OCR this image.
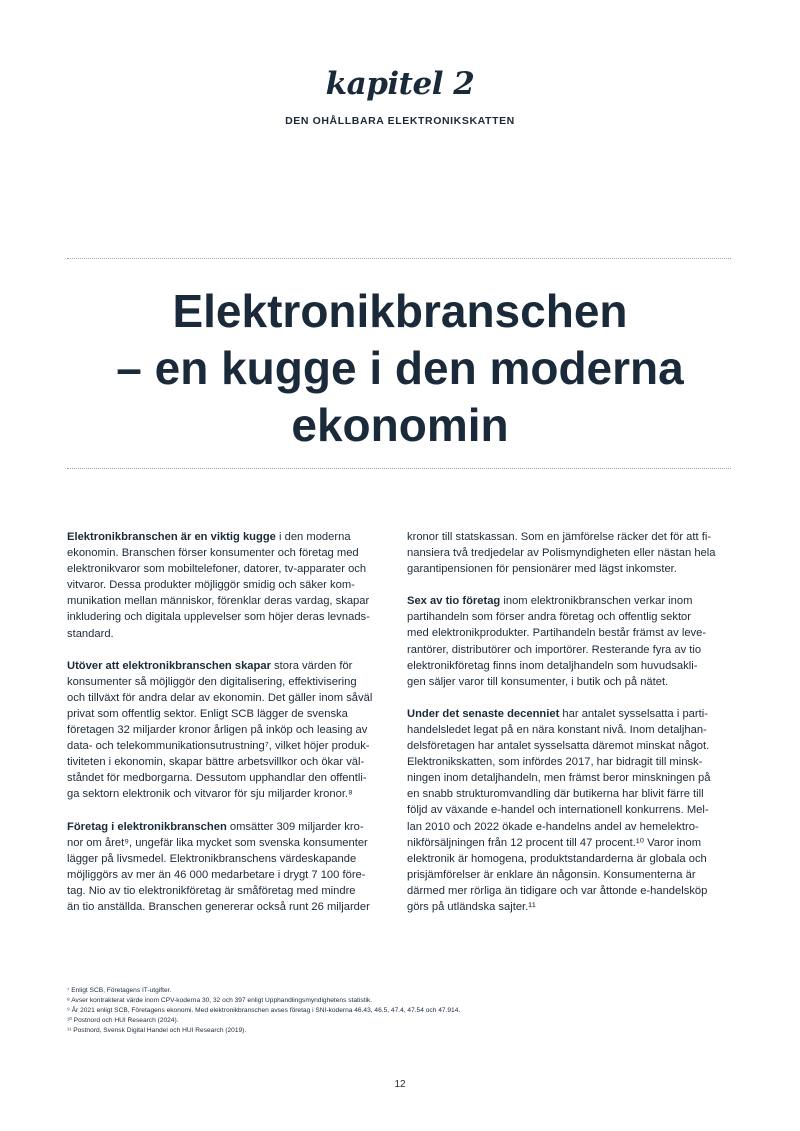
kapitel 2
DEN OHÅLLBARA ELEKTRONIKSKATTEN
Elektronikbranschen
– en kugge i den moderna
ekonomin

Elektronikbranschen är en viktig kugge i den moderna
ekonomin. Branschen förser konsumenter och företag med
elektronikvaror som mobiltelefoner, datorer, tv-apparater och
vitvaror. Dessa produkter möjliggör smidig och säker kom-
munikation mellan människor, förenklar deras vardag, skapar
inkludering och digitala upplevelser som höjer deras levnads-
standard.

Utöver att elektronikbranschen skapar stora värden för
konsumenter så möjliggör den digitalisering, effektivisering
och tillväxt för andra delar av ekonomin. Det gäller inom såväl
privat som offentlig sektor. Enligt SCB lägger de svenska
företagen 32 miljarder kronor årligen på inköp och leasing av
data- och telekommunikationsutrustning⁷, vilket höjer produk-
tiviteten i ekonomin, skapar bättre arbetsvillkor och ökar väl-
ståndet för medborgarna. Dessutom upphandlar den offentli-
ga sektorn elektronik och vitvaror för sju miljarder kronor.⁸

Företag i elektronikbranschen omsätter 309 miljarder kro-
nor om året⁹, ungefär lika mycket som svenska konsumenter
lägger på livsmedel. Elektronikbranschens värdeskapande
möjliggörs av mer än 46 000 medarbetare i drygt 7 100 före-
tag. Nio av tio elektronikföretag är småföretag med mindre
än tio anställda. Branschen genererar också runt 26 miljarder

kronor till statskassan. Som en jämförelse räcker det för att fi-
nansiera två tredjedelar av Polismyndigheten eller nästan hela
garantipensionen för pensionärer med lägst inkomster.

Sex av tio företag inom elektronikbranschen verkar inom
partihandeln som förser andra företag och offentlig sektor
med elektronikprodukter. Partihandeln består främst av leve-
rantörer, distributörer och importörer. Resterande fyra av tio
elektronikföretag finns inom detaljhandeln som huvudsakli-
gen säljer varor till konsumenter, i butik och på nätet.

Under det senaste decenniet har antalet sysselsatta i parti-
handelsledet legat på en nära konstant nivå. Inom detaljhan-
delsföretagen har antalet sysselsatta däremot minskat något.
Elektronikskatten, som infördes 2017, har bidragit till minsk-
ningen inom detaljhandeln, men främst beror minskningen på
en snabb strukturomvandling där butikerna har blivit färre till
följd av växande e-handel och internationell konkurrens. Mel-
lan 2010 och 2022 ökade e-handelns andel av hemelektro-
nikförsäljningen från 12 procent till 47 procent.¹⁰ Varor inom
elektronik är homogena, produktstandarderna är globala och
prisjämförelser är enklare än någonsin. Konsumenterna är
därmed mer rörliga än tidigare och var åttonde e-handelsköp
görs på utländska sajter.¹¹

⁷ Enligt SCB, Företagens IT-utgifter.
⁸ Avser kontrakterat värde inom CPV-koderna 30, 32 och 397 enligt Upphandlingsmyndighetens statistik.
⁹ År 2021 enligt SCB, Företagens ekonomi. Med elektronikbranschen avses företag i SNI-koderna 46.43, 46.5, 47.4, 47.54 och 47.914.
¹⁰ Postnord och HUI Research (2024).
¹¹ Postnord, Svensk Digital Handel och HUI Research (2019).
12
